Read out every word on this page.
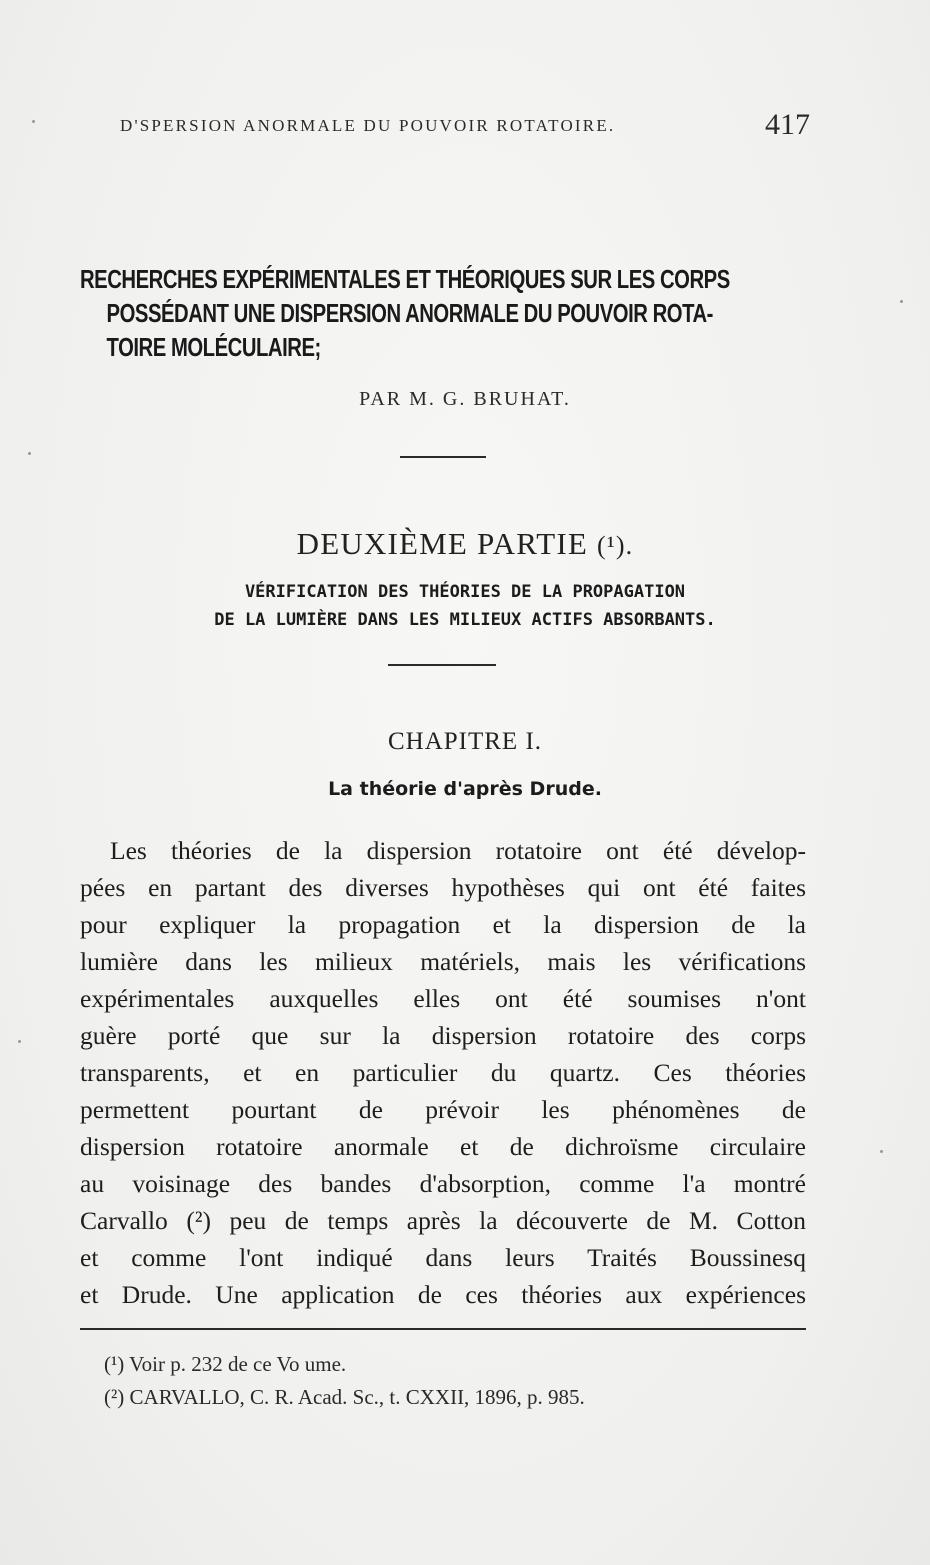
D'SPERSION ANORMALE DU POUVOIR ROTATOIRE.	417
RECHERCHES EXPÉRIMENTALES ET THÉORIQUES SUR LES CORPS
POSSÉDANT UNE DISPERSION ANORMALE DU POUVOIR ROTA-
TOIRE MOLÉCULAIRE;
PAR M. G. BRUHAT.
DEUXIÈME PARTIE (¹).
VÉRIFICATION DES THÉORIES DE LA PROPAGATION
DE LA LUMIÈRE DANS LES MILIEUX ACTIFS ABSORBANTS.
CHAPITRE I.
La théorie d'après Drude.
Les théories de la dispersion rotatoire ont été dévelop-
pées en partant des diverses hypothèses qui ont été faites
pour expliquer la propagation et la dispersion de la
lumière dans les milieux matériels, mais les vérifications
expérimentales auxquelles elles ont été soumises n'ont
guère porté que sur la dispersion rotatoire des corps
transparents, et en particulier du quartz. Ces théories
permettent pourtant de prévoir les phénomènes de
dispersion rotatoire anormale et de dichroïsme circulaire
au voisinage des bandes d'absorption, comme l'a montré
Carvallo (²) peu de temps après la découverte de M. Cotton
et comme l'ont indiqué dans leurs Traités Boussinesq
et Drude. Une application de ces théories aux expériences
(¹) Voir p. 232 de ce Vo ume.
(²) CARVALLO, C. R. Acad. Sc., t. CXXII, 1896, p. 985.
